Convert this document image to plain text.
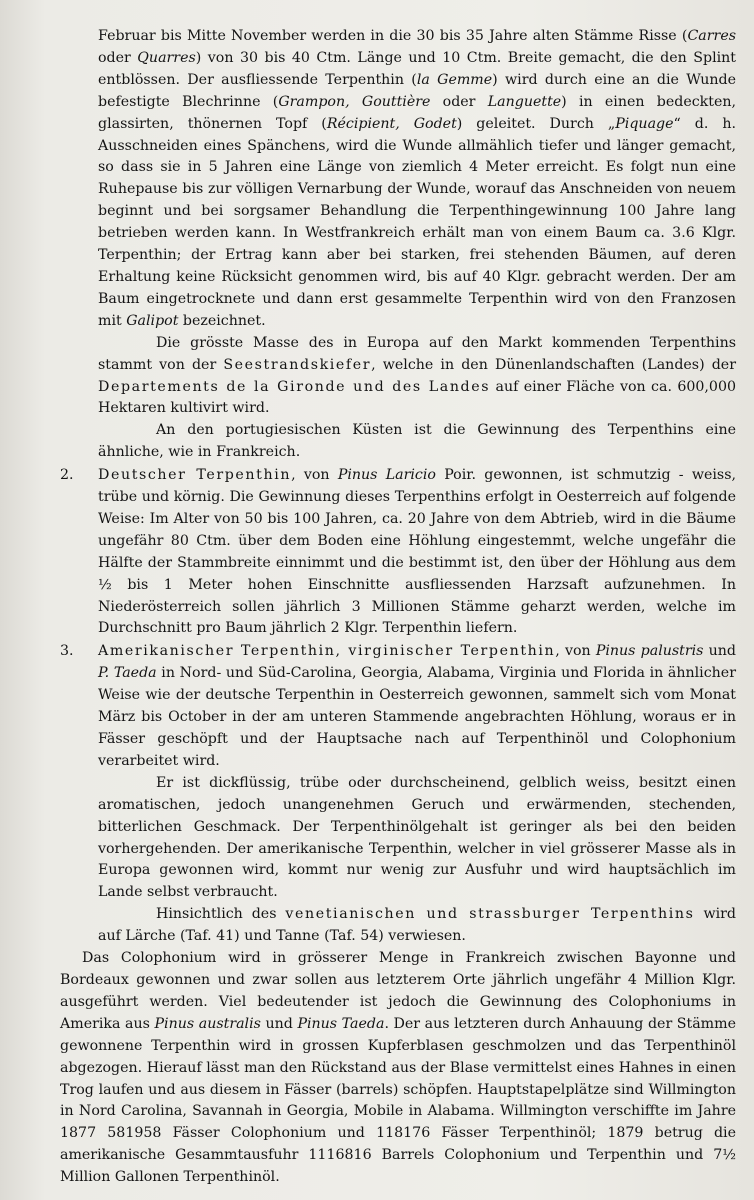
Februar bis Mitte November werden in die 30 bis 35 Jahre alten Stämme Risse (Carres oder Quarres) von 30 bis 40 Ctm. Länge und 10 Ctm. Breite gemacht, die den Splint entblössen. Der ausfliessende Terpenthin (la Gemme) wird durch eine an die Wunde befestigte Blechrinne (Grampon, Gouttière oder Languette) in einen bedeckten, glassirten, thönernen Topf (Récipient, Godet) geleitet. Durch „Piquage“ d. h. Ausschneiden eines Spänchens, wird die Wunde allmählich tiefer und länger gemacht, so dass sie in 5 Jahren eine Länge von ziemlich 4 Meter erreicht. Es folgt nun eine Ruhepause bis zur völligen Vernarbung der Wunde, worauf das Anschneiden von neuem beginnt und bei sorgsamer Behandlung die Terpenthingewinnung 100 Jahre lang betrieben werden kann. In Westfrankreich erhält man von einem Baum ca. 3.6 Klgr. Terpenthin; der Ertrag kann aber bei starken, frei stehenden Bäumen, auf deren Erhaltung keine Rücksicht genommen wird, bis auf 40 Klgr. gebracht werden. Der am Baum eingetrocknete und dann erst gesammelte Terpenthin wird von den Franzosen mit Galipot bezeichnet.

Die grösste Masse des in Europa auf den Markt kommenden Terpenthins stammt von der Seestrandskiefer, welche in den Dünenlandschaften (Landes) der Departements de la Gironde und des Landes auf einer Fläche von ca. 600,000 Hektaren kultivirt wird.

An den portugiesischen Küsten ist die Gewinnung des Terpenthins eine ähnliche, wie in Frankreich.

2.	Deutscher Terpenthin, von Pinus Laricio Poir. gewonnen, ist schmutzig - weiss, trübe und körnig. Die Gewinnung dieses Terpenthins erfolgt in Oesterreich auf folgende Weise: Im Alter von 50 bis 100 Jahren, ca. 20 Jahre von dem Abtrieb, wird in die Bäume ungefähr 80 Ctm. über dem Boden eine Höhlung eingestemmt, welche ungefähr die Hälfte der Stammbreite einnimmt und die bestimmt ist, den über der Höhlung aus dem ½ bis 1 Meter hohen Einschnitte ausfliessenden Harzsaft aufzunehmen. In Niederösterreich sollen jährlich 3 Millionen Stämme geharzt werden, welche im Durchschnitt pro Baum jährlich 2 Klgr. Terpenthin liefern.

3.	Amerikanischer Terpenthin, virginischer Terpenthin, von Pinus palustris und P. Taeda in Nord- und Süd-Carolina, Georgia, Alabama, Virginia und Florida in ähnlicher Weise wie der deutsche Terpenthin in Oesterreich gewonnen, sammelt sich vom Monat März bis October in der am unteren Stammende angebrachten Höhlung, woraus er in Fässer geschöpft und der Hauptsache nach auf Terpenthinöl und Colophonium verarbeitet wird.

Er ist dickflüssig, trübe oder durchscheinend, gelblich weiss, besitzt einen aromatischen, jedoch unangenehmen Geruch und erwärmenden, stechenden, bitterlichen Geschmack. Der Terpenthinölgehalt ist geringer als bei den beiden vorhergehenden. Der amerikanische Terpenthin, welcher in viel grösserer Masse als in Europa gewonnen wird, kommt nur wenig zur Ausfuhr und wird hauptsächlich im Lande selbst verbraucht.

Hinsichtlich des venetianischen und strassburger Terpenthins wird auf Lärche (Taf. 41) und Tanne (Taf. 54) verwiesen.

Das Colophonium wird in grösserer Menge in Frankreich zwischen Bayonne und Bordeaux gewonnen und zwar sollen aus letzterem Orte jährlich ungefähr 4 Million Klgr. ausgeführt werden. Viel bedeutender ist jedoch die Gewinnung des Colophoniums in Amerika aus Pinus australis und Pinus Taeda. Der aus letzteren durch Anhauung der Stämme gewonnene Terpenthin wird in grossen Kupferblasen geschmolzen und das Terpenthinöl abgezogen. Hierauf lässt man den Rückstand aus der Blase vermittelst eines Hahnes in einen Trog laufen und aus diesem in Fässer (barrels) schöpfen. Hauptstapelplätze sind Willmington in Nord Carolina, Savannah in Georgia, Mobile in Alabama. Willmington verschiffte im Jahre 1877 581958 Fässer Colophonium und 118176 Fässer Terpenthinöl; 1879 betrug die amerikanische Gesammtausfuhr 1116816 Barrels Colophonium und Terpenthin und 7½ Million Gallonen Terpenthinöl.
